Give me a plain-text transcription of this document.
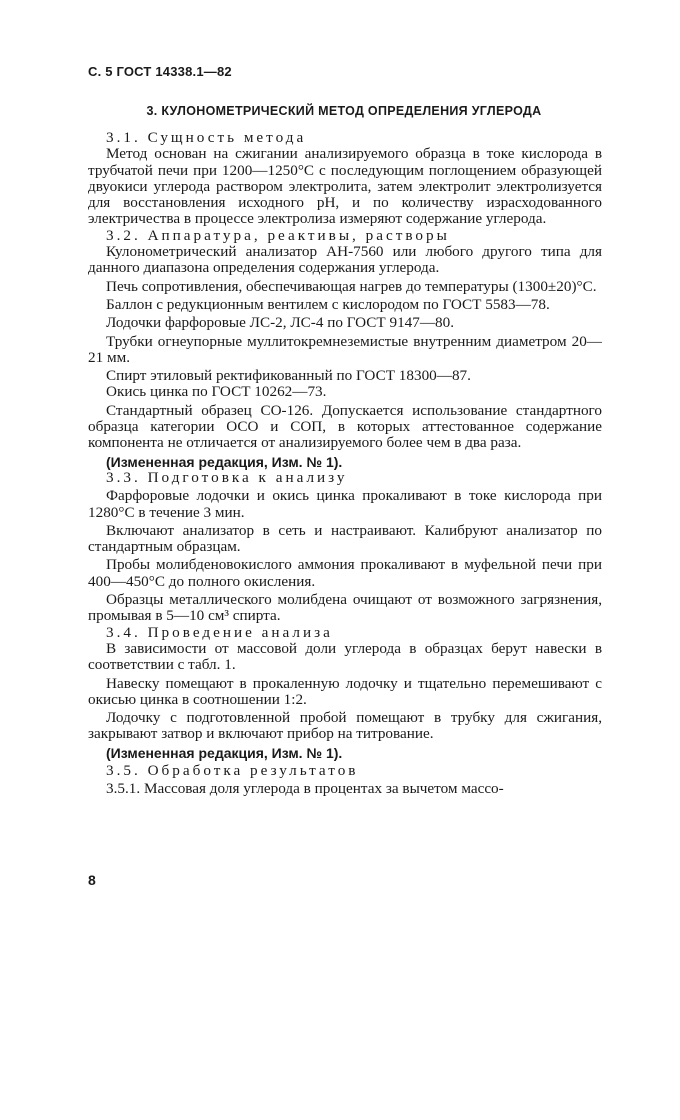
С. 5 ГОСТ 14338.1—82
3. КУЛОНОМЕТРИЧЕСКИЙ МЕТОД ОПРЕДЕЛЕНИЯ УГЛЕРОДА

3.1. Сущность метода

Метод основан на сжигании анализируемого образца в токе кислорода в трубчатой печи при 1200—1250°С с последующим поглощением образующей двуокиси углерода раствором электролита, затем электролит электролизуется для восстановления исходного рН, и по количеству израсходованного электричества в процессе электролиза измеряют содержание углерода.

3.2. Аппаратура, реактивы, растворы

Кулонометрический анализатор АН-7560 или любого другого типа для данного диапазона определения содержания углерода.

Печь сопротивления, обеспечивающая нагрев до температуры (1300±20)°С.

Баллон с редукционным вентилем с кислородом по ГОСТ 5583—78.

Лодочки фарфоровые ЛС-2, ЛС-4 по ГОСТ 9147—80.

Трубки огнеупорные муллитокремнеземистые внутренним диаметром 20—21 мм.

Спирт этиловый ректификованный по ГОСТ 18300—87.

Окись цинка по ГОСТ 10262—73.

Стандартный образец СО-126. Допускается использование стандартного образца категории ОСО и СОП, в которых аттестованное содержание компонента не отличается от анализируемого более чем в два раза.

(Измененная редакция, Изм. № 1).

3.3. Подготовка к анализу

Фарфоровые лодочки и окись цинка прокаливают в токе кислорода при 1280°С в течение 3 мин.

Включают анализатор в сеть и настраивают. Калибруют анализатор по стандартным образцам.

Пробы молибденовокислого аммония прокаливают в муфельной печи при 400—450°С до полного окисления.

Образцы металлического молибдена очищают от возможного загрязнения, промывая в 5—10 см³ спирта.

3.4. Проведение анализа

В зависимости от массовой доли углерода в образцах берут навески в соответствии с табл. 1.

Навеску помещают в прокаленную лодочку и тщательно перемешивают с окисью цинка в соотношении 1:2.

Лодочку с подготовленной пробой помещают в трубку для сжигания, закрывают затвор и включают прибор на титрование.

(Измененная редакция, Изм. № 1).

3.5. Обработка результатов

3.5.1. Массовая доля углерода в процентах за вычетом массо-

8
